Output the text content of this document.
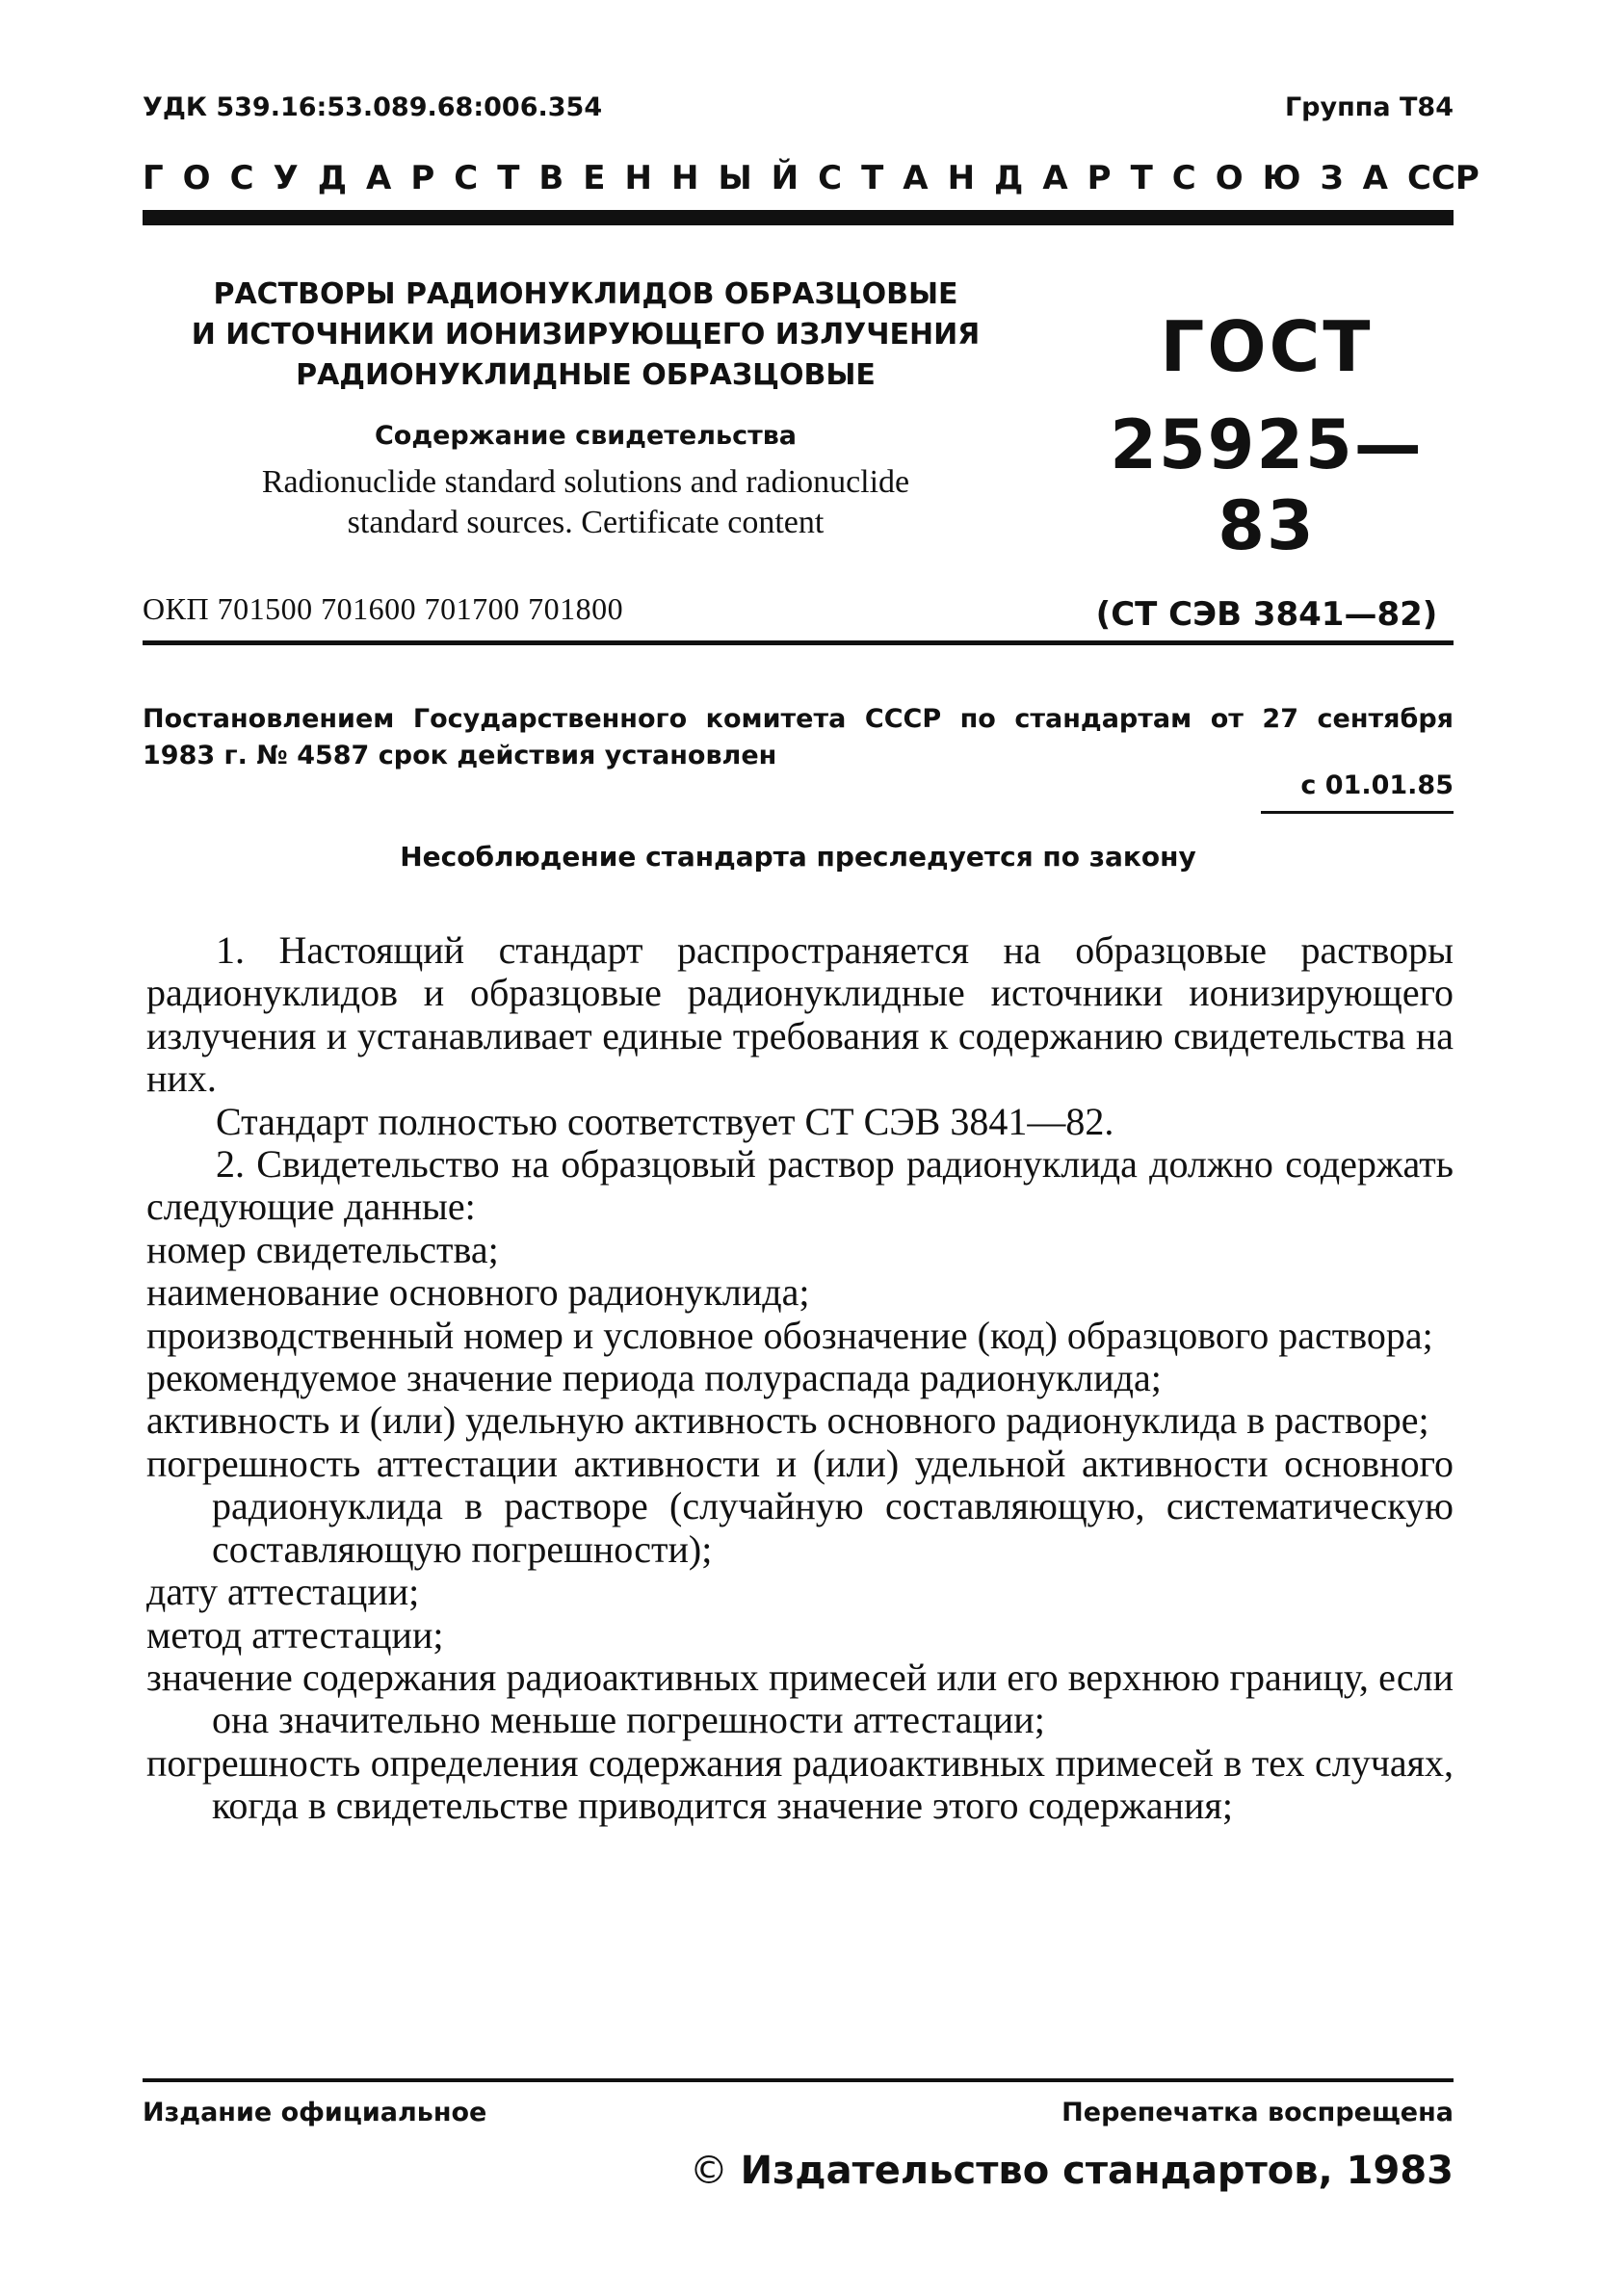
УДК 539.16:53.089.68:006.354	Группа Т84
ГОСУДАРСТВЕННЫЙ СТАНДАРТ СОЮЗА ССР
РАСТВОРЫ РАДИОНУКЛИДОВ ОБРАЗЦОВЫЕ
И ИСТОЧНИКИ ИОНИЗИРУЮЩЕГО ИЗЛУЧЕНИЯ
РАДИОНУКЛИДНЫЕ ОБРАЗЦОВЫЕ
Содержание свидетельства
Radionuclide standard solutions and radionuclide
standard sources. Certificate content
ГОСТ
25925—83
(СТ СЭВ 3841—82)
ОКП 701500 701600 701700 701800
Постановлением Государственного комитета СССР по стандартам от 27 сентября 1983 г. № 4587 срок действия установлен
с 01.01.85
Несоблюдение стандарта преследуется по закону

1. Настоящий стандарт распространяется на образцовые растворы радионуклидов и образцовые радионуклидные источники ионизирующего излучения и устанавливает единые требования к содержанию свидетельства на них.

Стандарт полностью соответствует СТ СЭВ 3841—82.

2. Свидетельство на образцовый раствор радионуклида должно содержать следующие данные:

номер свидетельства;

наименование основного радионуклида;

производственный номер и условное обозначение (код) образцового раствора;

рекомендуемое значение периода полураспада радионуклида;

активность и (или) удельную активность основного радионуклида в растворе;

погрешность аттестации активности и (или) удельной активности основного радионуклида в растворе (случайную составляющую, систематическую составляющую погрешности);

дату аттестации;

метод аттестации;

значение содержания радиоактивных примесей или его верхнюю границу, если она значительно меньше погрешности аттестации;

погрешность определения содержания радиоактивных примесей в тех случаях, когда в свидетельстве приводится значение этого содержания;

Издание официальное	Перепечатка воспрещена
© Издательство стандартов, 1983
